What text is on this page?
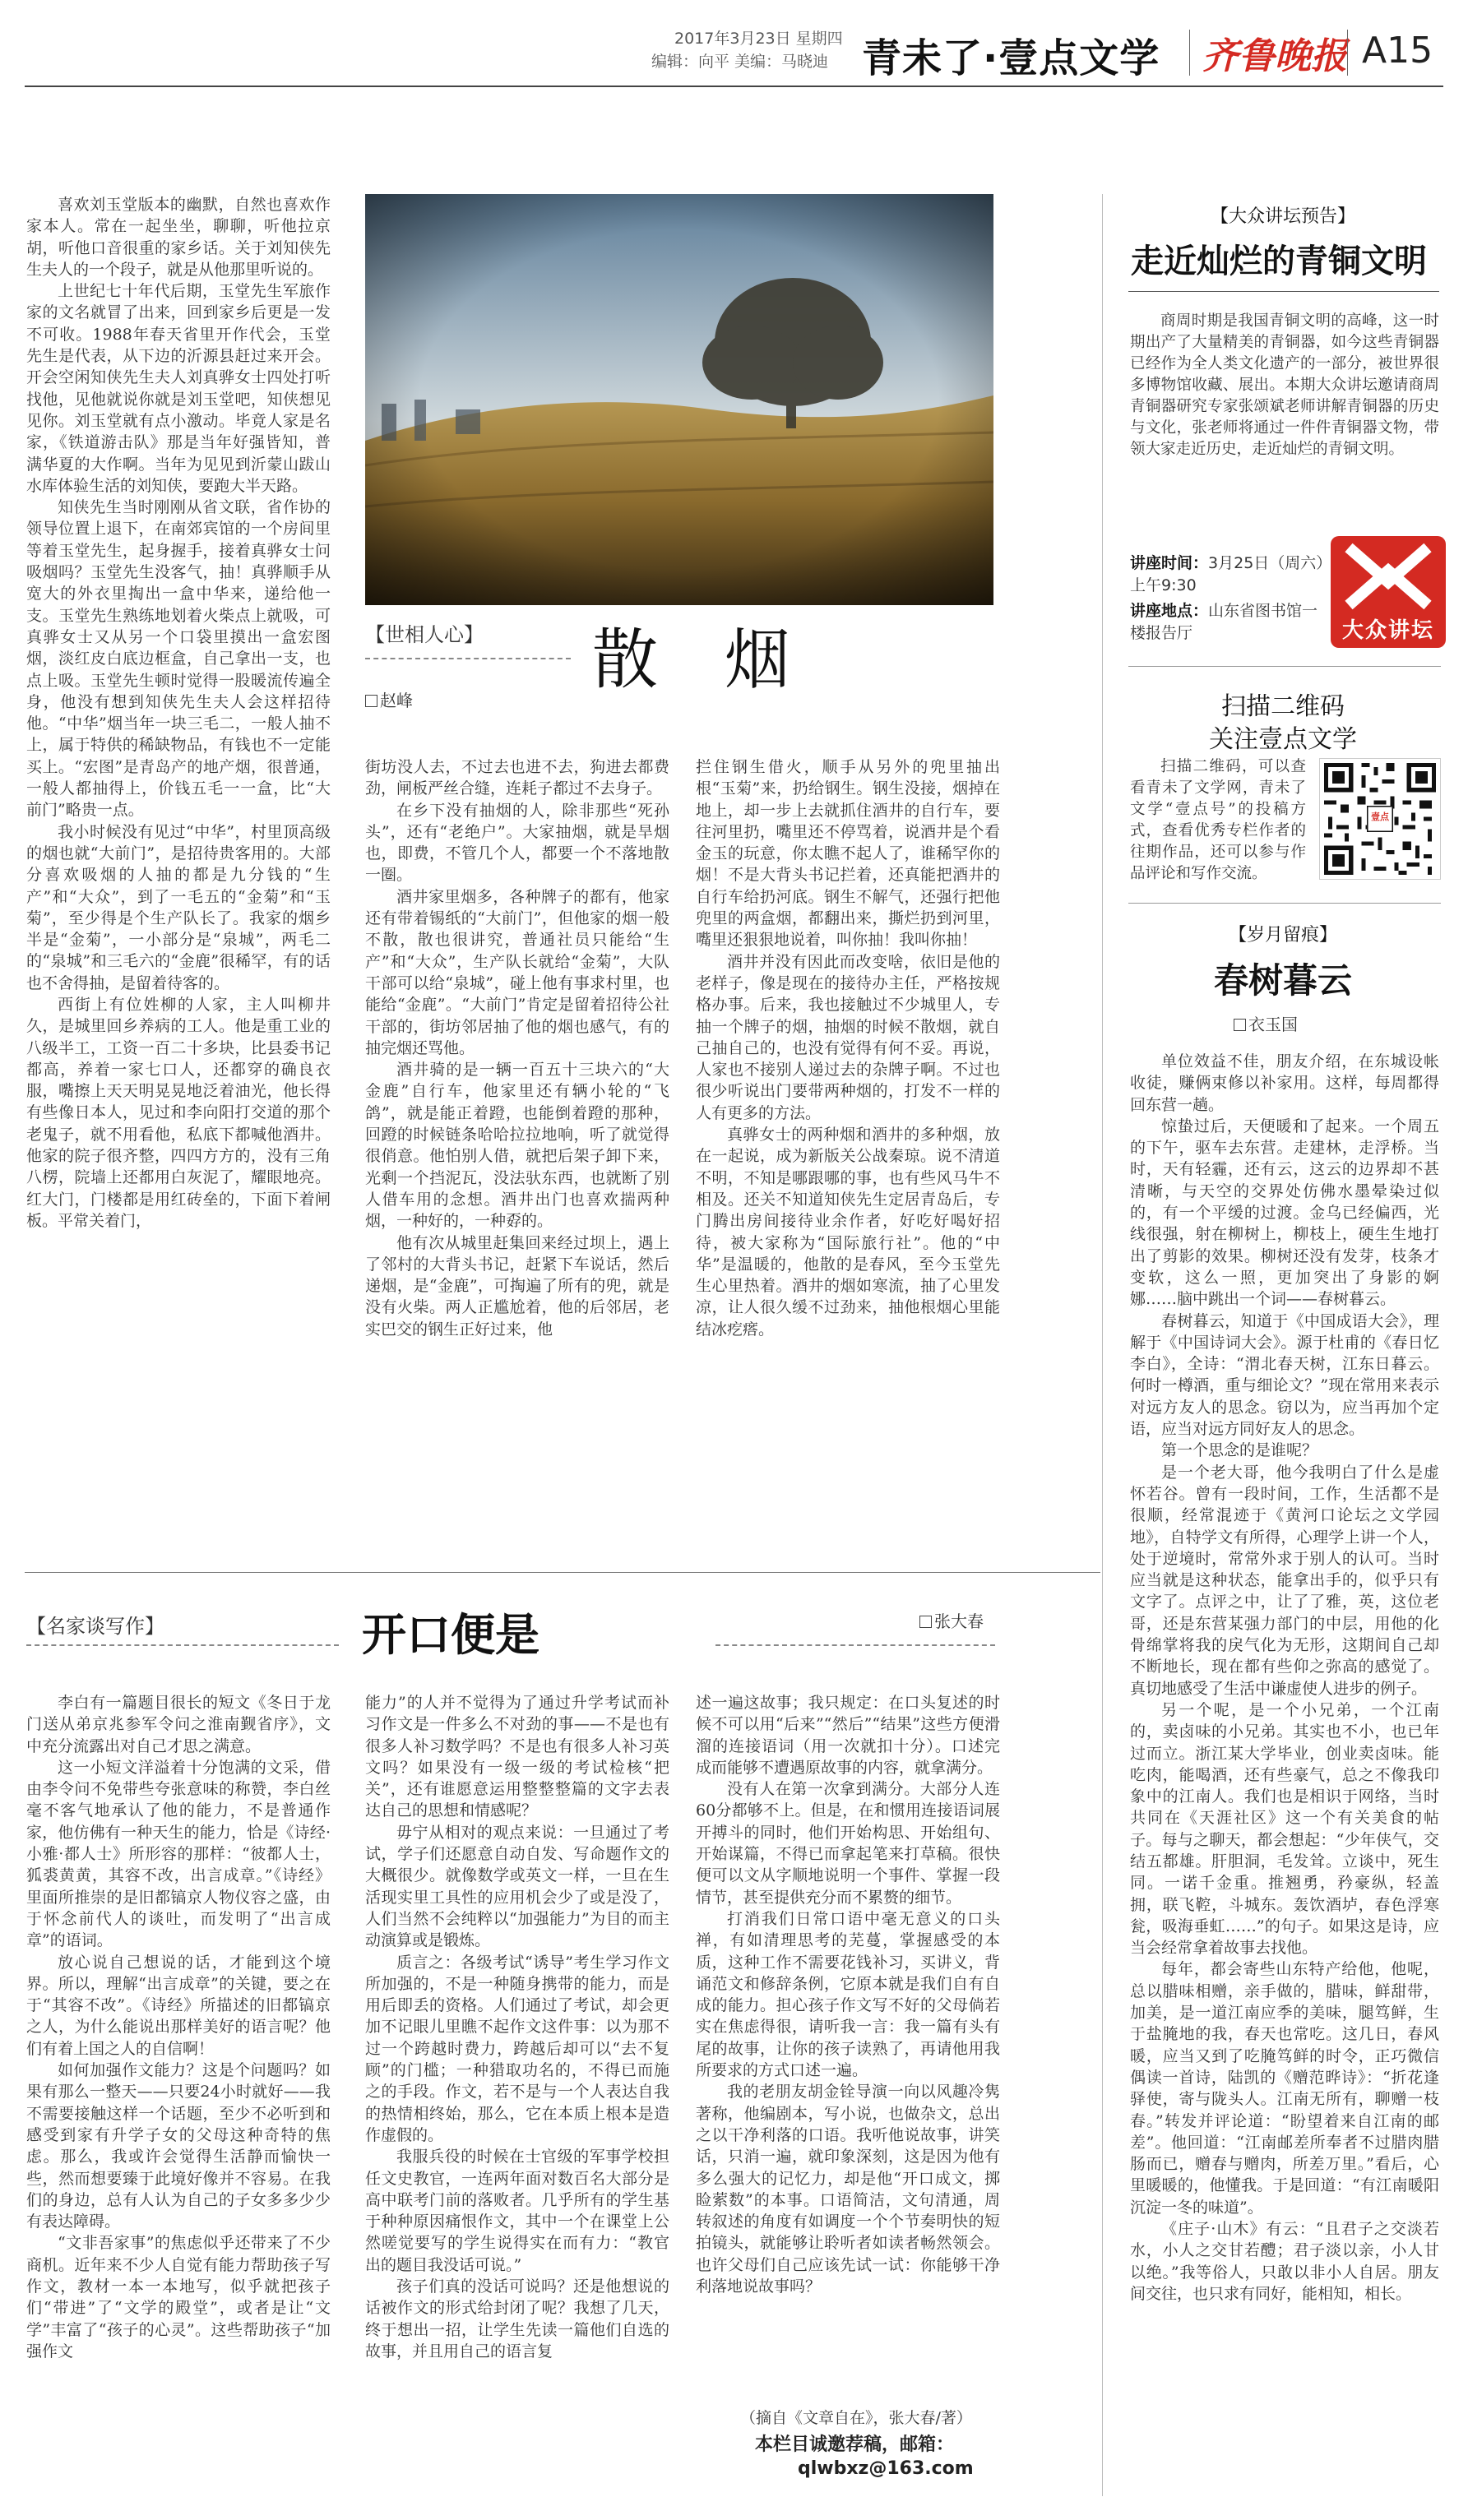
2017年3月23日 星期四
编辑：向平 美编：马晓迪 青未了·壹点文学 齐鲁晚报 A15

喜欢刘玉堂版本的幽默，自然也喜欢作家本人。常在一起坐坐，聊聊，听他拉京胡，听他口音很重的家乡话。关于刘知侠先生夫人的一个段子，就是从他那里听说的。

上世纪七十年代后期，玉堂先生军旅作家的文名就冒了出来，回到家乡后更是一发不可收。1988年春天省里开作代会，玉堂先生是代表，从下边的沂源县赶过来开会。开会空闲知侠先生夫人刘真骅女士四处打听找他，见他就说你就是刘玉堂吧，知侠想见见你。刘玉堂就有点小激动。毕竟人家是名家，《铁道游击队》那是当年好强皆知，普满华夏的大作啊。当年为见见到沂蒙山跋山水库体验生活的刘知侠，要跑大半天路。

知侠先生当时刚刚从省文联，省作协的领导位置上退下，在南郊宾馆的一个房间里等着玉堂先生，起身握手，接着真骅女士问吸烟吗？玉堂先生没客气，抽！真骅顺手从宽大的外衣里掏出一盒中华来，递给他一支。玉堂先生熟练地划着火柴点上就吸，可真骅女士又从另一个口袋里摸出一盒宏图烟，淡红皮白底边框盒，自己拿出一支，也点上吸。玉堂先生顿时觉得一股暖流传遍全身，他没有想到知侠先生夫人会这样招待他。“中华”烟当年一块三毛二，一般人抽不上，属于特供的稀缺物品，有钱也不一定能买上。“宏图”是青岛产的地产烟，很普通，一般人都抽得上，价钱五毛一一盒，比“大前门”略贵一点。

我小时候没有见过“中华”，村里顶高级的烟也就“大前门”，是招待贵客用的。大部分喜欢吸烟的人抽的都是九分钱的“生产”和“大众”，到了一毛五的“金菊”和“玉菊”，至少得是个生产队长了。我家的烟乡半是“金菊”，一小部分是“泉城”，两毛二的“泉城”和三毛六的“金鹿”很稀罕，有的话也不舍得抽，是留着待客的。

西街上有位姓柳的人家，主人叫柳井久，是城里回乡养病的工人。他是重工业的八级半工，工资一百二十多块，比县委书记都高，养着一家七口人，还都穿的确良衣服，嘴擦上天天明晃晃地泛着油光，他长得有些像日本人，见过和李向阳打交道的那个老鬼子，就不用看他，私底下都喊他酒井。他家的院子很齐整，四四方方的，没有三角八楞，院墙上还都用白灰泥了，耀眼地亮。红大门，门楼都是用红砖垒的，下面下着闸板。平常关着门，

【世相人心】 散  烟
赵峰

街坊没人去，不过去也进不去，狗进去都费劲，闸板严丝合缝，连耗子都过不去身子。

在乡下没有抽烟的人，除非那些“死孙头”，还有“老绝户”。大家抽烟，就是旱烟也，即费，不管几个人，都要一个不落地散一圈。

酒井家里烟多，各种牌子的都有，他家还有带着锡纸的“大前门”，但他家的烟一般不散，散也很讲究，普通社员只能给“生产”和“大众”，生产队长就给“金菊”，大队干部可以给“泉城”，碰上他有事求村里，也能给“金鹿”。“大前门”肯定是留着招待公社干部的，街坊邻居抽了他的烟也感气，有的抽完烟还骂他。

酒井骑的是一辆一百五十三块六的“大金鹿”自行车，他家里还有辆小轮的“飞鸽”，就是能正着蹬，也能倒着蹬的那种，回蹬的时候链条哈哈拉拉地响，听了就觉得很俏意。他怕别人借，就把后架子卸下来，光剩一个挡泥瓦，没法驮东西，也就断了别人借车用的念想。酒井出门也喜欢揣两种烟，一种好的，一种孬的。

他有次从城里赶集回来经过坝上，遇上了邻村的大背头书记，赶紧下车说话，然后递烟，是“金鹿”，可掏遍了所有的兜，就是没有火柴。两人正尴尬着，他的后邻居，老实巴交的钢生正好过来，他

拦住钢生借火，顺手从另外的兜里抽出根“玉菊”来，扔给钢生。钢生没接，烟掉在地上，却一步上去就抓住酒井的自行车，要往河里扔，嘴里还不停骂着，说酒井是个看金玉的玩意，你太瞧不起人了，谁稀罕你的烟！不是大背头书记拦着，还真能把酒井的自行车给扔河底。钢生不解气，还强行把他兜里的两盒烟，都翻出来，撕烂扔到河里，嘴里还狠狠地说着，叫你抽！我叫你抽！

酒井并没有因此而改变啥，依旧是他的老样子，像是现在的接待办主任，严格按规格办事。后来，我也接触过不少城里人，专抽一个牌子的烟，抽烟的时候不散烟，就自己抽自己的，也没有觉得有何不妥。再说，人家也不接别人递过去的杂牌子啊。不过也很少听说出门要带两种烟的，打发不一样的人有更多的方法。

真骅女士的两种烟和酒井的多种烟，放在一起说，成为新版关公战秦琼。说不清道不明，不知是哪跟哪的事，也有些风马牛不相及。还关不知道知侠先生定居青岛后，专门腾出房间接待业余作者，好吃好喝好招待，被大家称为“国际旅行社”。他的“中华”是温暖的，他散的是春风，至今玉堂先生心里热着。酒井的烟如寒流，抽了心里发凉，让人很久缓不过劲来，抽他根烟心里能结冰疙瘩。

【名家谈写作】	开口便是	张大春

李白有一篇题目很长的短文《冬日于龙门送从弟京兆参军令问之淮南觐省序》，文中充分流露出对自己才思之满意。

这一小短文洋溢着十分饱满的文采，借由李令问不免带些夸张意味的称赞，李白丝毫不客气地承认了他的能力，不是普通作家，他仿佛有一种天生的能力，恰是《诗经·小雅·都人士》所形容的那样：“彼都人士，狐裘黄黄，其容不改，出言成章。”《诗经》里面所推崇的是旧都镐京人物仪容之盛，由于怀念前代人的谈吐，而发明了“出言成章”的语词。

放心说自己想说的话，才能到这个境界。所以，理解“出言成章”的关键，要之在于“其容不改”。《诗经》所描述的旧都镐京之人，为什么能说出那样美好的语言呢？他们有着上国之人的自信啊！

如何加强作文能力？这是个问题吗？如果有那么一整天——只要24小时就好——我不需要接触这样一个话题，至少不必听到和感受到家有升学子女的父母这种奇特的焦虑。那么，我或许会觉得生活静而愉快一些，然而想要臻于此境好像并不容易。在我们的身边，总有人认为自己的子女多多少少有表达障碍。

“文非吾家事”的焦虑似乎还带来了不少商机。近年来不少人自觉有能力帮助孩子写作文，教材一本一本地写，似乎就把孩子们“带进”了“文学的殿堂”，或者是让“文学”丰富了“孩子的心灵”。这些帮助孩子“加强作文

能力”的人并不觉得为了通过升学考试而补习作文是一件多么不对劲的事——不是也有很多人补习数学吗？不是也有很多人补习英文吗？如果没有一级一级的考试检核“把关”，还有谁愿意运用整整整篇的文字去表达自己的思想和情感呢？

毋宁从相对的观点来说：一旦通过了考试，学子们还愿意自动自发、写命题作文的大概很少。就像数学或英文一样，一旦在生活现实里工具性的应用机会少了或是没了，人们当然不会纯粹以“加强能力”为目的而主动演算或是锻炼。

质言之：各级考试“诱导”考生学习作文所加强的，不是一种随身携带的能力，而是用后即丢的资格。人们通过了考试，却会更加不记眼儿里瞧不起作文这件事：以为那不过一个跨越时费力，跨越后却可以“去不复顾”的门槛；一种猎取功名的，不得已而施之的手段。作文，若不是与一个人表达自我的热情相终始，那么，它在本质上根本是造作虚假的。

我服兵役的时候在士官级的军事学校担任文史教官，一连两年面对数百名大部分是高中联考门前的落败者。几乎所有的学生基于种种原因痛恨作文，其中一个在课堂上公然嗟觉要写的学生说得实在而有力：“教官出的题目我没话可说。”

孩子们真的没话可说吗？还是他想说的话被作文的形式给封闭了呢？我想了几天，终于想出一招，让学生先读一篇他们自选的故事，并且用自己的语言复

述一遍这故事；我只规定：在口头复述的时候不可以用“后来”“然后”“结果”这些方便滑溜的连接语词（用一次就扣十分）。口述完成而能够不遭遇原故事的内容，就拿满分。

没有人在第一次拿到满分。大部分人连60分都够不上。但是，在和惯用连接语词展开搏斗的同时，他们开始构思、开始组句、开始谋篇，不得已而拿起笔来打草稿。很快便可以文从字顺地说明一个事件、掌握一段情节，甚至提供充分而不累赘的细节。

打消我们日常口语中毫无意义的口头禅，有如清理思考的芜蔓，掌握感受的本质，这种工作不需要花钱补习，买讲义，背诵范文和修辞条例，它原本就是我们自有自成的能力。担心孩子作文写不好的父母倘若实在焦虑得很，请听我一言：我一篇有头有尾的故事，让你的孩子读熟了，再请他用我所要求的方式口述一遍。

我的老朋友胡金铨导演一向以风趣冷隽著称，他编剧本，写小说，也做杂文，总出之以干净利落的口语。我听他说故事，讲笑话，只消一遍，就印象深刻，这是因为他有多么强大的记忆力，却是他“开口成文，掷睑萦数”的本事。口语简洁，文句清通，周转叙述的角度有如调度一个个节奏明快的短拍镜头，就能够让聆听者如读者畅然领会。也许父母们自己应该先试一试：你能够干净利落地说故事吗？

（摘自《文章自在》，张大春/著）
本栏目诚邀荐稿，邮箱：
qlwbxz@163.com
【大众讲坛预告】
走近灿烂的青铜文明
商周时期是我国青铜文明的高峰，这一时期出产了大量精美的青铜器，如今这些青铜器已经作为全人类文化遗产的一部分，被世界很多博物馆收藏、展出。本期大众讲坛邀请商周青铜器研究专家张颂斌老师讲解青铜器的历史与文化，张老师将通过一件件青铜器文物，带领大家走近历史，走近灿烂的青铜文明。
讲座时间：3月25日（周六）上午9:30
讲座地点：山东省图书馆一楼报告厅	大众讲坛
扫描二维码
关注壹点文学
扫描二维码，可以查看青未了文学网，青未了文学“壹点号”的投稿方式，查看优秀专栏作者的往期作品，还可以参与作品评论和写作交流。
壹点
【岁月留痕】
春树暮云
衣玉国

单位效益不佳，朋友介绍，在东城设帐收徒，赚俩束修以补家用。这样，每周都得回东营一趟。

惊蛰过后，天便暖和了起来。一个周五的下午，驱车去东营。走建林，走浮桥。当时，天有轻霾，还有云，这云的边界却不甚清晰，与天空的交界处仿佛水墨晕染过似的，有一个平缓的过渡。金乌已经偏西，光线很强，射在柳树上，柳枝上，硬生生地打出了剪影的效果。柳树还没有发芽，枝条才变软，这么一照，更加突出了身影的婀娜……脑中跳出一个词——春树暮云。

春树暮云，知道于《中国成语大会》，理解于《中国诗词大会》。源于杜甫的《春日忆李白》，全诗：“渭北春天树，江东日暮云。何时一樽酒，重与细论文？”现在常用来表示对远方友人的思念。窃以为，应当再加个定语，应当对远方同好友人的思念。

第一个思念的是谁呢？

是一个老大哥，他今我明白了什么是虚怀若谷。曾有一段时间，工作，生活都不是很顺，经常混迹于《黄河口论坛之文学园地》，自特学文有所得，心理学上讲一个人，处于逆境时，常常外求于别人的认可。当时应当就是这种状态，能拿出手的，似乎只有文字了。点评之中，让了了雅，英，这位老哥，还是东营某强力部门的中层，用他的化骨绵掌将我的戾气化为无形，这期间自己却不断地长，现在都有些仰之弥高的感觉了。真切地感受了生活中谦虚使人进步的例子。

另一个呢，是一个小兄弟，一个江南的，卖卤味的小兄弟。其实也不小，也已年过而立。浙江某大学毕业，创业卖卤味。能吃肉，能喝酒，还有些豪气，总之不像我印象中的江南人。我们也是相识于网络，当时共同在《天涯社区》这一个有关美食的帖子。每与之聊天，都会想起：“少年侠气，交结五都雄。肝胆洞，毛发耸。立谈中，死生同。一诺千金重。推翘勇，矜豪纵，轻盖拥，联飞鞚，斗城东。轰饮酒垆，春色浮寒瓮，吸海垂虹……”的句子。如果这是诗，应当会经常拿着故事去找他。

每年，都会寄些山东特产给他，他呢，总以腊味相赠，亲手做的，腊味，鲜甜带，加美，是一道江南应季的美味，腿笃鲜，生于盐腌地的我，春天也常吃。这几日，春风暖，应当又到了吃腌笃鲜的时令，正巧微信偶读一首诗，陆凯的《赠范晔诗》：“折花逢驿使，寄与陇头人。江南无所有，聊赠一枝春。”转发并评论道：“盼望着来自江南的邮差”。他回道：“江南邮差所奉者不过腊肉腊肠而已，赠春与赠肉，所差万里。”看后，心里暖暖的，他懂我。于是回道：“有江南暖阳沉淀一冬的味道”。

《庄子·山木》有云：“且君子之交淡若水，小人之交甘若醴；君子淡以亲，小人甘以绝。”我等俗人，只敢以非小人自居。朋友间交往，也只求有同好，能相知，相长。
